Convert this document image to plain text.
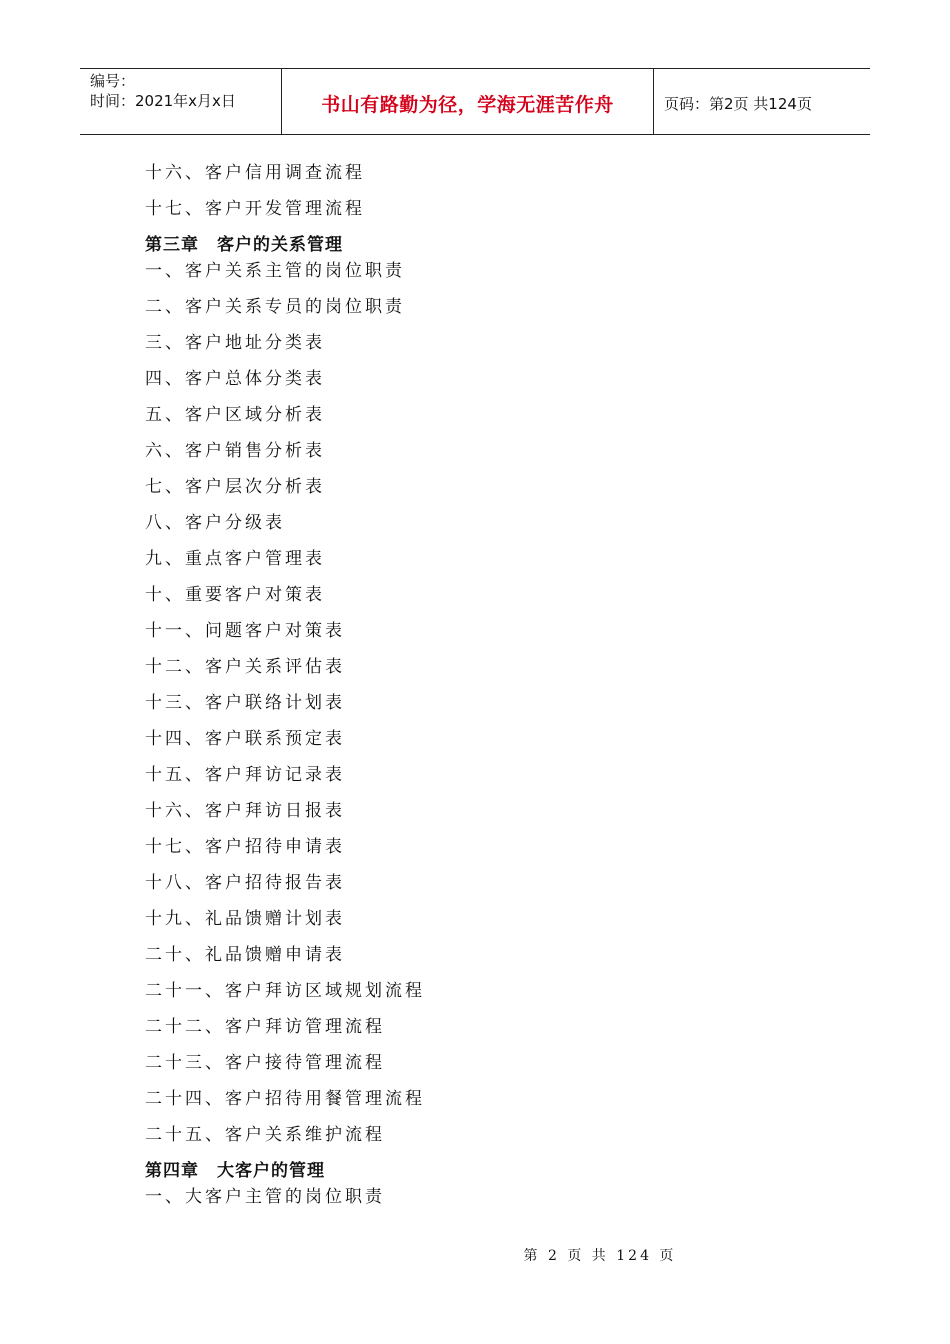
编号：
时间：2021年x月x日	书山有路勤为径，学海无涯苦作舟	页码：第2页 共124页
十六、客户信用调查流程
十七、客户开发管理流程
第三章　客户的关系管理
一、客户关系主管的岗位职责
二、客户关系专员的岗位职责
三、客户地址分类表
四、客户总体分类表
五、客户区域分析表
六、客户销售分析表
七、客户层次分析表
八、客户分级表
九、重点客户管理表
十、重要客户对策表
十一、问题客户对策表
十二、客户关系评估表
十三、客户联络计划表
十四、客户联系预定表
十五、客户拜访记录表
十六、客户拜访日报表
十七、客户招待申请表
十八、客户招待报告表
十九、礼品馈赠计划表
二十、礼品馈赠申请表
二十一、客户拜访区域规划流程
二十二、客户拜访管理流程
二十三、客户接待管理流程
二十四、客户招待用餐管理流程
二十五、客户关系维护流程
第四章　大客户的管理
一、大客户主管的岗位职责
第 2 页 共 124 页
